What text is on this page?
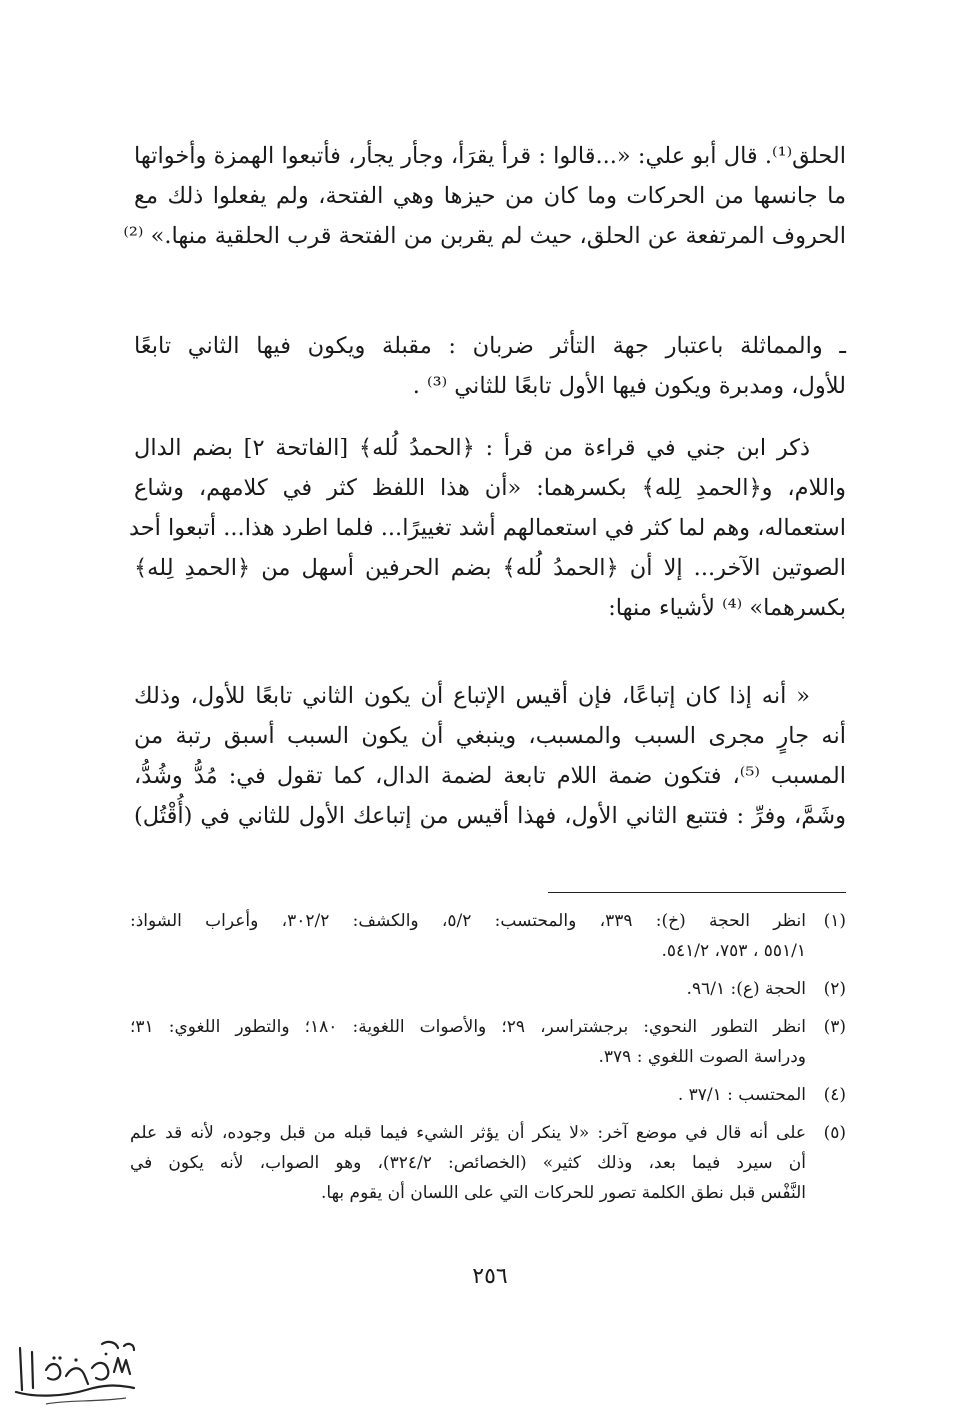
الحلق⁽¹⁾. قال أبو علي: «...قالوا : قرأ يقرَأ، وجأر يجأر، فأتبعوا الهمزة وأخواتها
ما جانسها من الحركات وما كان من حيزها وهي الفتحة، ولم يفعلوا ذلك مع
الحروف المرتفعة عن الحلق، حيث لم يقربن من الفتحة قرب الحلقية منها.» ⁽²⁾

ـ والمماثلة باعتبار جهة التأثر ضربان : مقبلة ويكون فيها الثاني تابعًا
للأول، ومدبرة ويكون فيها الأول تابعًا للثاني ⁽³⁾ .

ذكر ابن جني في قراءة من قرأ : ﴿الحمدُ لُله﴾ [الفاتحة ٢] بضم الدال
واللام، و﴿الحمدِ لِله﴾ بكسرهما: «أن هذا اللفظ كثر في كلامهم، وشاع
استعماله، وهم لما كثر في استعمالهم أشد تغييرًا... فلما اطرد هذا... أتبعوا أحد
الصوتين الآخر... إلا أن ﴿الحمدُ لُله﴾ بضم الحرفين أسهل من ﴿الحمدِ لِله﴾
بكسرهما» ⁽⁴⁾ لأشياء منها:

« أنه إذا كان إتباعًا، فإن أقيس الإتباع أن يكون الثاني تابعًا للأول، وذلك
أنه جارٍ مجرى السبب والمسبب، وينبغي أن يكون السبب أسبق رتبة من
المسبب ⁽⁵⁾، فتكون ضمة اللام تابعة لضمة الدال، كما تقول في: مُدُّ وشُدُّ،
وشَمَّ، وفرِّ : فتتبع الثاني الأول، فهذا أقيس من إتباعك الأول للثاني في (أُقْتُل)

(١)
انظر الحجة (خ): ٣٣٩، والمحتسب: ٥/٢، والكشف: ٣٠٢/٢، وأعراب الشواذ:
٥٥١/١ ، ٧٥٣، ٥٤١/٢.
(٢)
الحجة (ع): ٩٦/١.
(٣)
انظر التطور النحوي: برجشتراسر، ٢٩؛ والأصوات اللغوية: ١٨٠؛ والتطور اللغوي: ٣١؛
ودراسة الصوت اللغوي : ٣٧٩.
(٤)
المحتسب : ٣٧/١ .
(٥)
على أنه قال في موضع آخر: «لا ينكر أن يؤثر الشيء فيما قبله من قبل وجوده، لأنه قد علم
أن سيرد فيما بعد، وذلك كثير» (الخصائص: ٣٢٤/٢)، وهو الصواب، لأنه يكون في
النَّفْس قبل نطق الكلمة تصور للحركات التي على اللسان أن يقوم بها.
٢٥٦
